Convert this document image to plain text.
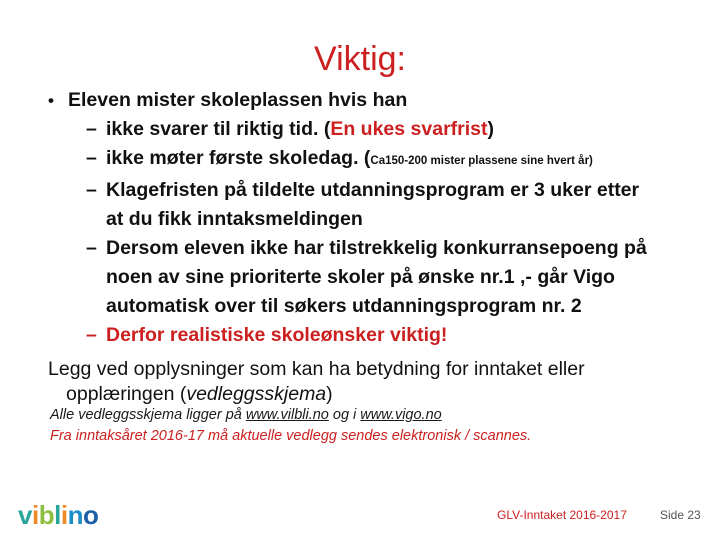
Viktig:
• Eleven mister skoleplassen hvis han
– ikke svarer til riktig tid. (En ukes svarfrist)
– ikke møter første skoledag. (Ca150-200 mister plassene sine hvert år)
– Klagefristen på tildelte utdanningsprogram er 3 uker etter
at du fikk inntaksmeldingen
– Dersom eleven ikke har tilstrekkelig konkurransepoeng på
noen av sine prioriterte skoler på ønske nr.1 ,- går Vigo
automatisk over til søkers utdanningsprogram nr. 2
– Derfor realistiske skoleønsker viktig!
Legg ved opplysninger som kan ha betydning for inntaket eller
opplæringen (vedleggsskjema)
Alle vedleggsskjema ligger på www.vilbli.no og i www.vigo.no
Fra inntaksåret 2016-17 må aktuelle vedlegg sendes elektronisk / scannes.
viblino	GLV-Inntaket 2016-2017	Side 23
